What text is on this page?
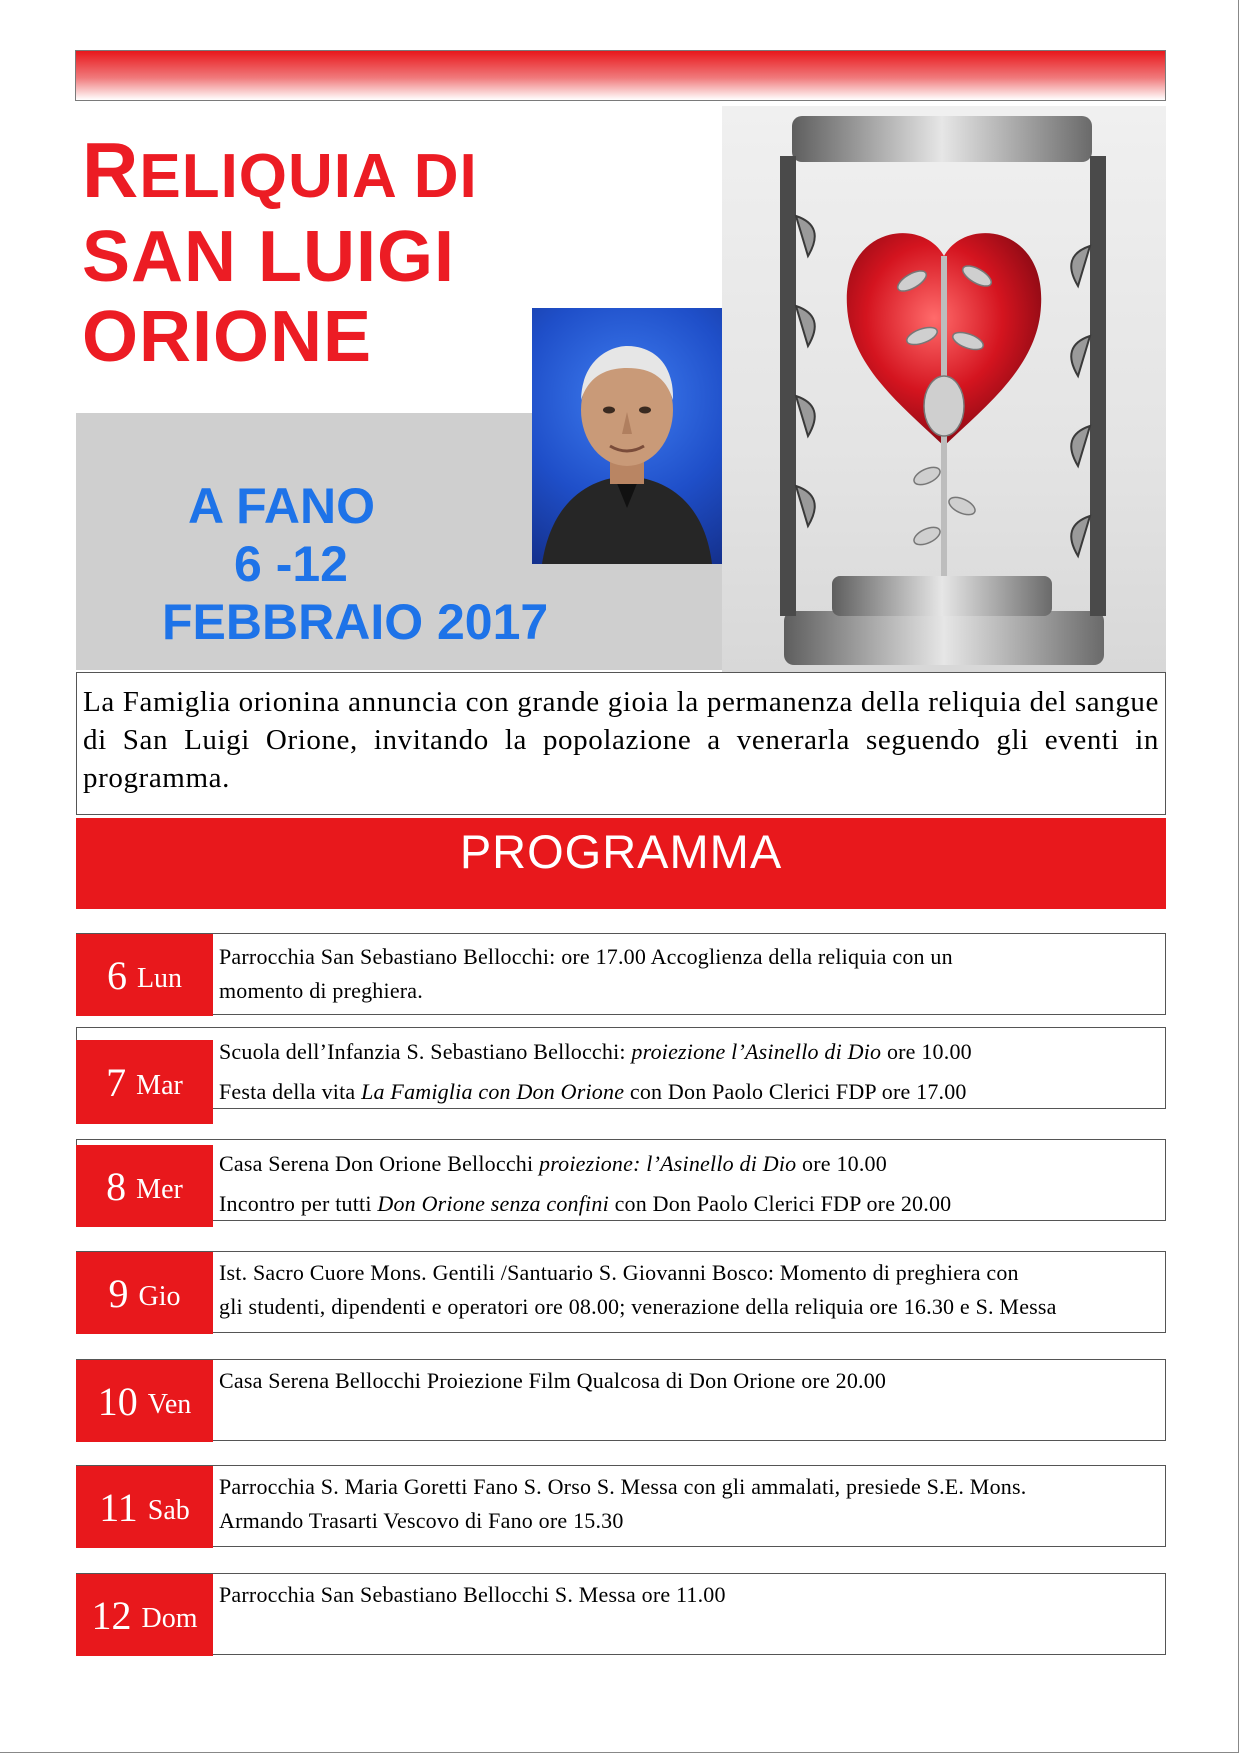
RELIQUIA DI
SAN LUIGI
ORIONE
A FANO
6 -12
FEBBRAIO 2017
La Famiglia orionina annuncia con grande gioia la permanenza della reliquia del sangue di San Luigi Orione, invitando la popolazione a venerarla seguendo gli eventi in programma.
PROGRAMMA
6 Lun
Parrocchia San Sebastiano Bellocchi: ore 17.00 Accoglienza della reliquia con un
momento di preghiera.
7 Mar
Scuola dell’Infanzia S. Sebastiano Bellocchi: proiezione l’Asinello di Dio ore 10.00
Festa della vita La Famiglia con Don Orione con Don Paolo Clerici FDP ore 17.00
8 Mer
Casa Serena Don Orione Bellocchi proiezione: l’Asinello di Dio ore 10.00
Incontro per tutti Don Orione senza confini con Don Paolo Clerici FDP ore 20.00
9 Gio
Ist. Sacro Cuore Mons. Gentili /Santuario S. Giovanni Bosco: Momento di preghiera con
gli studenti, dipendenti e operatori ore 08.00; venerazione della reliquia ore 16.30 e S. Messa
10 Ven
Casa Serena Bellocchi Proiezione Film Qualcosa di Don Orione ore 20.00
11 Sab
Parrocchia S. Maria Goretti Fano S. Orso S. Messa con gli ammalati, presiede S.E. Mons.
Armando Trasarti Vescovo di Fano ore 15.30
12 Dom
Parrocchia San Sebastiano Bellocchi S. Messa ore 11.00
